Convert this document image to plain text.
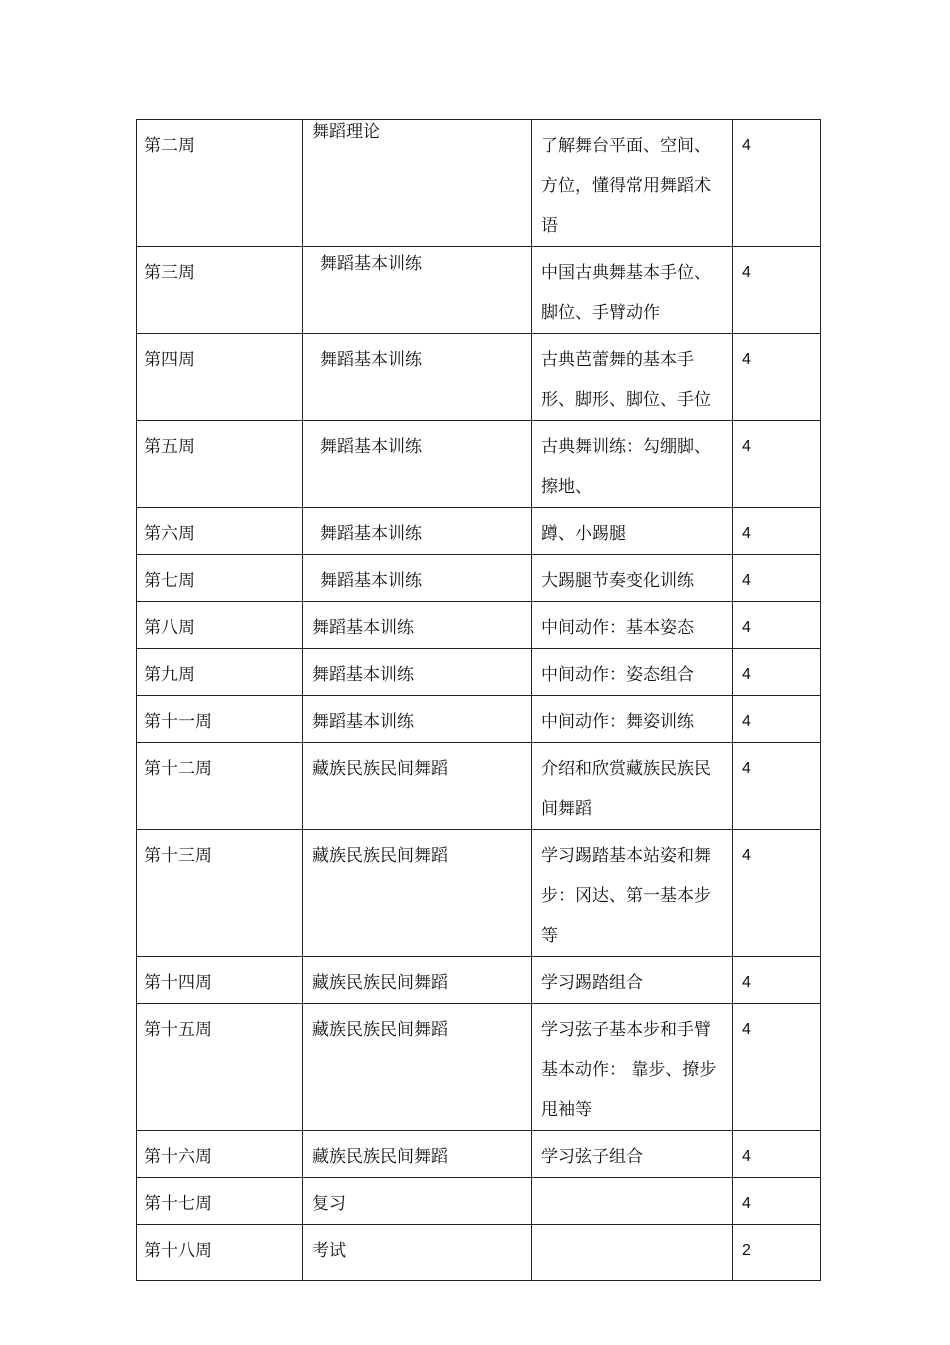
第二周	舞蹈理论	了解舞台平面、空间、方位，懂得常用舞蹈术语	4
第三周	舞蹈基本训练	中国古典舞基本手位、脚位、手臂动作	4
第四周	舞蹈基本训练	古典芭蕾舞的基本手形、脚形、脚位、手位	4
第五周	舞蹈基本训练	古典舞训练：勾绷脚、擦地、	4
第六周	舞蹈基本训练	蹲、小踢腿	4
第七周	舞蹈基本训练	大踢腿节奏变化训练	4
第八周	舞蹈基本训练	中间动作：基本姿态	4
第九周	舞蹈基本训练	中间动作：姿态组合	4
第十一周	舞蹈基本训练	中间动作：舞姿训练	4
第十二周	藏族民族民间舞蹈	介绍和欣赏藏族民族民间舞蹈	4
第十三周	藏族民族民间舞蹈	学习踢踏基本站姿和舞步：冈达、第一基本步等	4
第十四周	藏族民族民间舞蹈	学习踢踏组合	4
第十五周	藏族民族民间舞蹈	学习弦子基本步和手臂基本动作： 靠步、撩步甩袖等	4
第十六周	藏族民族民间舞蹈	学习弦子组合	4
第十七周	复习		4
第十八周	考试		2
